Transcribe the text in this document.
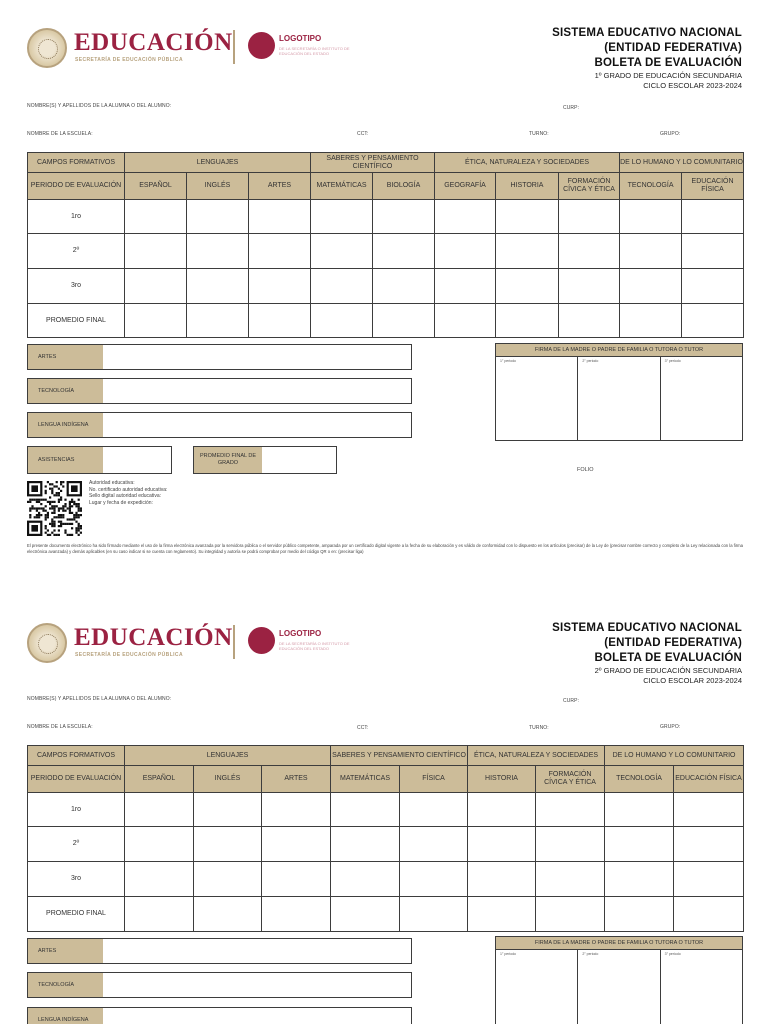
EDUCACIÓN
SECRETARÍA DE EDUCACIÓN PÚBLICA
LOGOTIPO
DE LA SECRETARÍA O INSTITUTO DE EDUCACIÓN DEL ESTADO
SISTEMA EDUCATIVO NACIONAL
(ENTIDAD FEDERATIVA)
BOLETA DE EVALUACIÓN
1º GRADO DE EDUCACIÓN SECUNDARIA
CICLO ESCOLAR 2023-2024
NOMBRE(S) Y APELLIDOS DE LA ALUMNA O DEL ALUMNO:	CURP:
NOMBRE DE LA ESCUELA:	CCT:	TURNO:	GRUPO:
CAMPOS FORMATIVOS	LENGUAJES			SABERES Y PENSAMIENTO CIENTÍFICO		ÉTICA, NATURALEZA Y SOCIEDADES			DE LO HUMANO Y LO COMUNITARIO	
PERIODO DE EVALUACIÓN	ESPAÑOL	INGLÉS	ARTES	MATEMÁTICAS	BIOLOGÍA	GEOGRAFÍA	HISTORIA	FORMACIÓN CÍVICA Y ÉTICA	TECNOLOGÍA	EDUCACIÓN FÍSICA
1ro										
2º										
3ro										
PROMEDIO FINAL										
ARTES
TECNOLOGÍA
LENGUA INDÍGENA
ASISTENCIAS
PROMEDIO FINAL DE GRADO
FIRMA DE LA MADRE O PADRE DE FAMILIA O TUTORA O TUTOR
1° periodo	2° periodo	3° periodo
FOLIO
Autoridad educativa:
No. certificado autoridad educativa:
Sello digital autoridad educativa:
Lugar y fecha de expedición:
El presente documento electrónico ha sido firmado mediante el uso de la firma electrónica avanzada por la servidora pública o el servidor público competente, amparada por un certificado digital vigente a la fecha de su elaboración y es válido de conformidad con lo dispuesto en los artículos (precisar) de la Ley de (precisar nombre correcto y completo de la Ley relacionada con la firma electrónica avanzada) y demás aplicables (en su caso indicar si se cuenta con reglamento). Su integridad y autoría se podrá comprobar por medio del código QR o en: (precisar liga)
EDUCACIÓN
SECRETARÍA DE EDUCACIÓN PÚBLICA
LOGOTIPO
DE LA SECRETARÍA O INSTITUTO DE EDUCACIÓN DEL ESTADO
SISTEMA EDUCATIVO NACIONAL
(ENTIDAD FEDERATIVA)
BOLETA DE EVALUACIÓN
2º GRADO DE EDUCACIÓN SECUNDARIA
CICLO ESCOLAR 2023-2024
NOMBRE(S) Y APELLIDOS DE LA ALUMNA O DEL ALUMNO:	CURP:
NOMBRE DE LA ESCUELA:	CCT:	TURNO:	GRUPO:
CAMPOS FORMATIVOS	LENGUAJES			SABERES Y PENSAMIENTO CIENTÍFICO		ÉTICA, NATURALEZA Y SOCIEDADES		DE LO HUMANO Y LO COMUNITARIO	
PERIODO DE EVALUACIÓN	ESPAÑOL	INGLÉS	ARTES	MATEMÁTICAS	FÍSICA	HISTORIA	FORMACIÓN CÍVICA Y ÉTICA	TECNOLOGÍA	EDUCACIÓN FÍSICA
1ro									
2º									
3ro									
PROMEDIO FINAL									
ARTES
TECNOLOGÍA
LENGUA INDÍGENA
FIRMA DE LA MADRE O PADRE DE FAMILIA O TUTORA O TUTOR
1° periodo	2° periodo	3° periodo
